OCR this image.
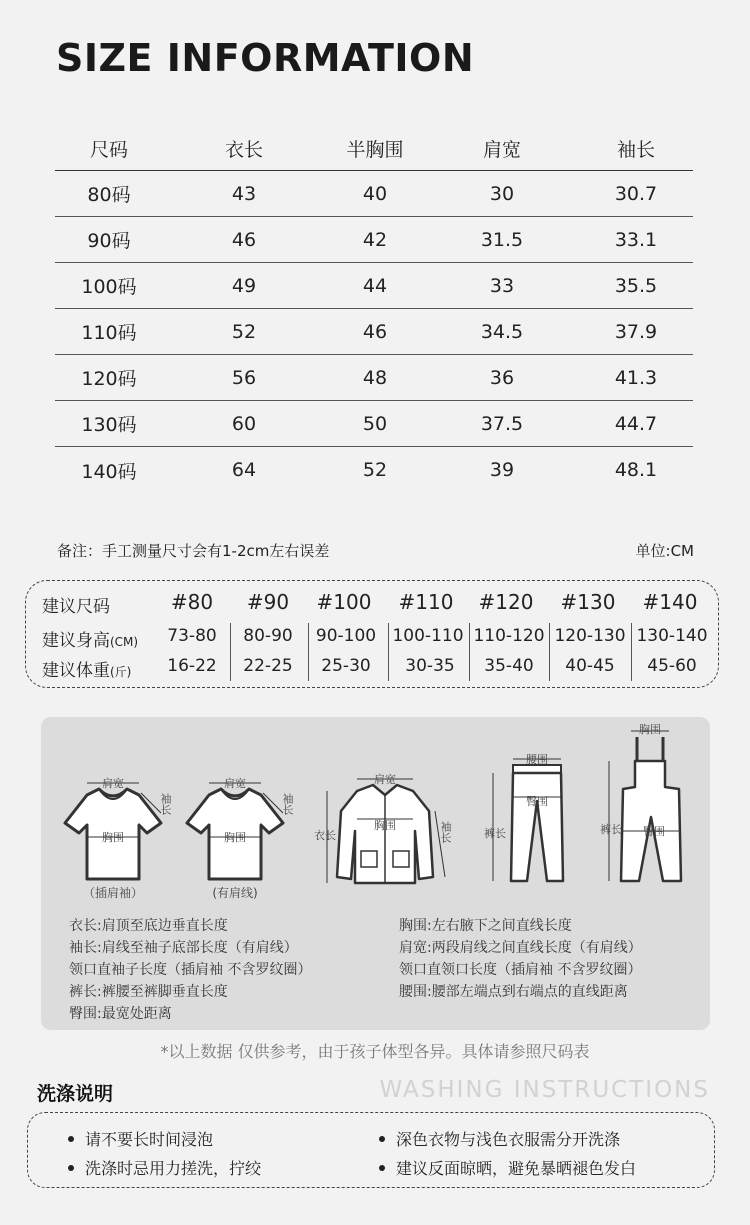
SIZE INFORMATION
尺码	衣长	半胸围	肩宽	袖长
80码	43	40	30	30.7
90码	46	42	31.5	33.1
100码	49	44	33	35.5
110码	52	46	34.5	37.9
120码	56	48	36	41.3
130码	60	50	37.5	44.7
140码	64	52	39	48.1
备注：手工测量尺寸会有1-2cm左右误差	单位:CM
建议尺码	#80	#90	#100	#110	#120	#130	#140
建议身高(CM)	73-80	80-90	90-100 100-110 110-120 120-130 130-140
建议体重(斤)	16-22	22-25	25-30	30-35	35-40	40-45	45-60
肩宽
袖长
胸围
（插肩袖）
肩宽
袖长
胸围
(有肩线)
肩宽
衣长
胸围	袖长
腰围
裤长
臀围
胸围
裤长	臀围
衣长:肩顶至底边垂直长度
袖长:肩线至袖子底部长度（有肩线）
领口直袖子长度（插肩袖 不含罗纹圈）
裤长:裤腰至裤脚垂直长度
臀围:最宽处距离
胸围:左右腋下之间直线长度
肩宽:两段肩线之间直线长度（有肩线）
领口直领口长度（插肩袖 不含罗纹圈）
腰围:腰部左端点到右端点的直线距离
*以上数据 仅供参考，由于孩子体型各异。具体请参照尺码表
洗涤说明	WASHING INSTRUCTIONS
请不要长时间浸泡	深色衣物与浅色衣服需分开洗涤
洗涤时忌用力搓洗，拧绞	建议反面晾晒，避免暴晒褪色发白
